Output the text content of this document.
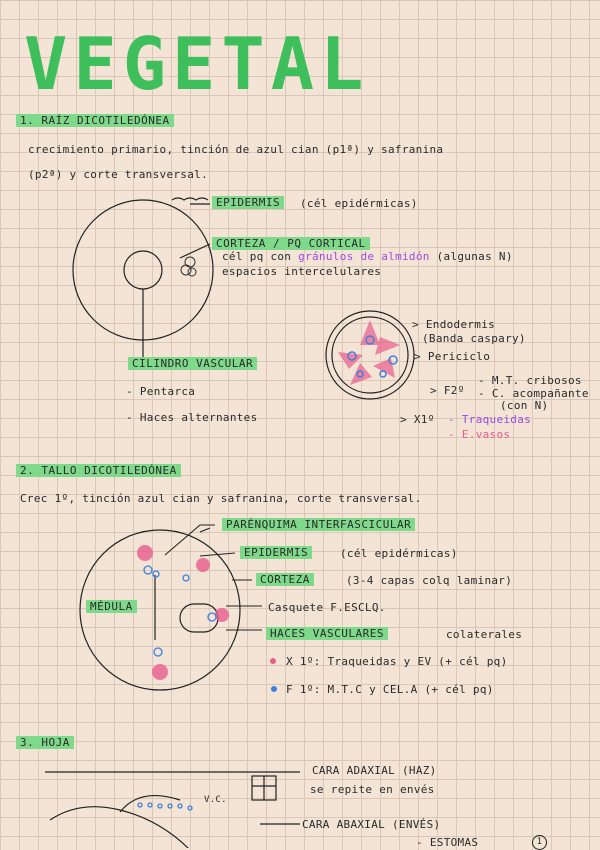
VEGETAL
1. RAÍZ DICOTILEDÓNEA
crecimiento primario, tinción de azul cian (p1ª) y safranina
(p2ª) y corte transversal.
EPIDERMIS	(cél epidérmicas)
CORTEZA / PQ CORTICAL
cél pq con gránulos de almidón (algunas N)
espacios intercelulares
CILINDRO VASCULAR
- Pentarca
- Haces alternantes
> Endodermis
(Banda caspary)
> Periciclo
> F2º
- M.T. cribosos
- C. acompañante
(con N)
> X1º - Traqueidas
- E.vasos
2. TALLO DICOTILEDÓNEA
Crec 1º, tinción azul cian y safranina, corte transversal.
PARÉNQUIMA INTERFASCICULAR
EPIDERMIS	(cél epidérmicas)
CORTEZA	(3-4 capas colq laminar)
MÉDULA	Casquete F.ESCLQ.
HACES VASCULARES	colaterales
X 1º: Traqueidas y EV (+ cél pq)
F 1º: M.T.C y CEL.A (+ cél pq)
3. HOJA
CARA ADAXIAL (HAZ)
se repite en envés
V.C.
CARA ABAXIAL (ENVÉS)
- ESTOMAS	1
